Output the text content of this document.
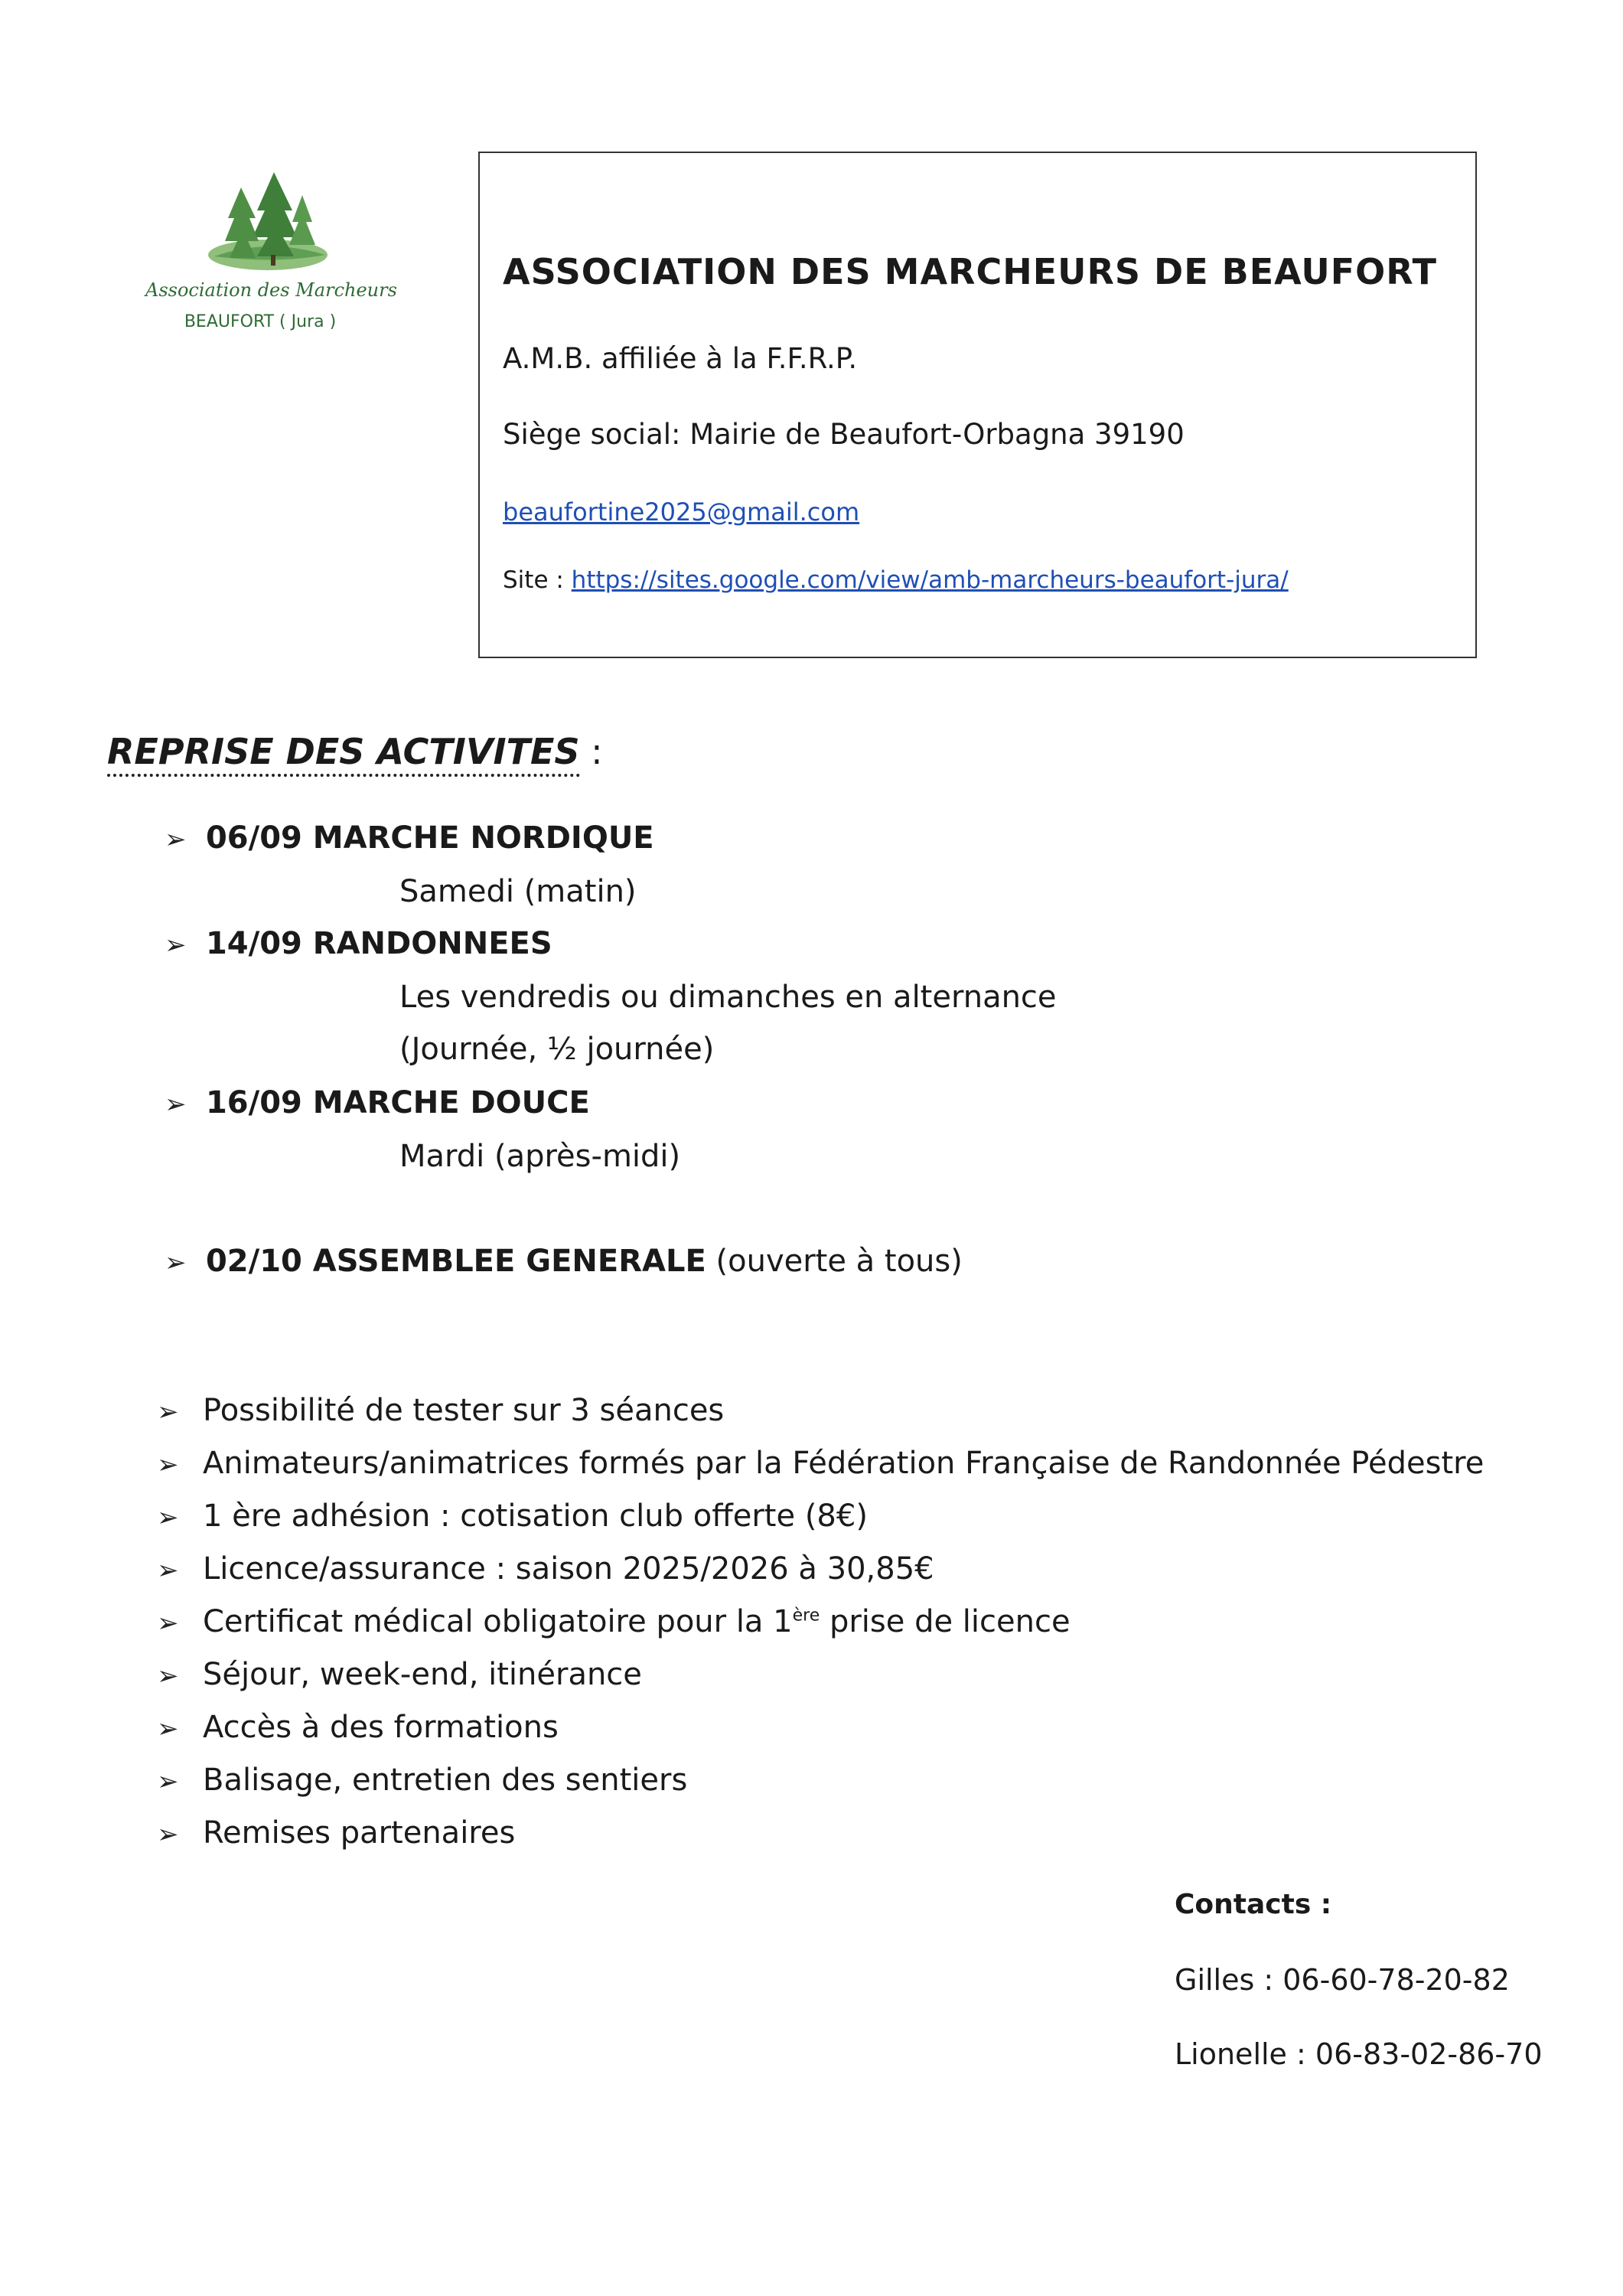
Association des Marcheurs
BEAUFORT ( Jura )
ASSOCIATION DES MARCHEURS DE BEAUFORT
A.M.B. affiliée à la F.F.R.P.
Siège social: Mairie de Beaufort-Orbagna 39190
beaufortine2025@gmail.com
Site : https://sites.google.com/view/amb-marcheurs-beaufort-jura/
REPRISE DES ACTIVITES :
➢ 06/09 MARCHE NORDIQUE
Samedi (matin)
➢ 14/09 RANDONNEES
Les vendredis ou dimanches en alternance
(Journée, ½ journée)
➢ 16/09 MARCHE DOUCE
Mardi (après-midi)
➢ 02/10 ASSEMBLEE GENERALE (ouverte à tous)
➢ Possibilité de tester sur 3 séances
➢ Animateurs/animatrices formés par la Fédération Française de Randonnée Pédestre
➢ 1 ère adhésion : cotisation club offerte (8€)
➢ Licence/assurance : saison 2025/2026 à 30,85€
➢ Certificat médical obligatoire pour la 1ère prise de licence
➢ Séjour, week-end, itinérance
➢ Accès à des formations
➢ Balisage, entretien des sentiers
➢ Remises partenaires
Contacts :
Gilles : 06-60-78-20-82
Lionelle : 06-83-02-86-70
